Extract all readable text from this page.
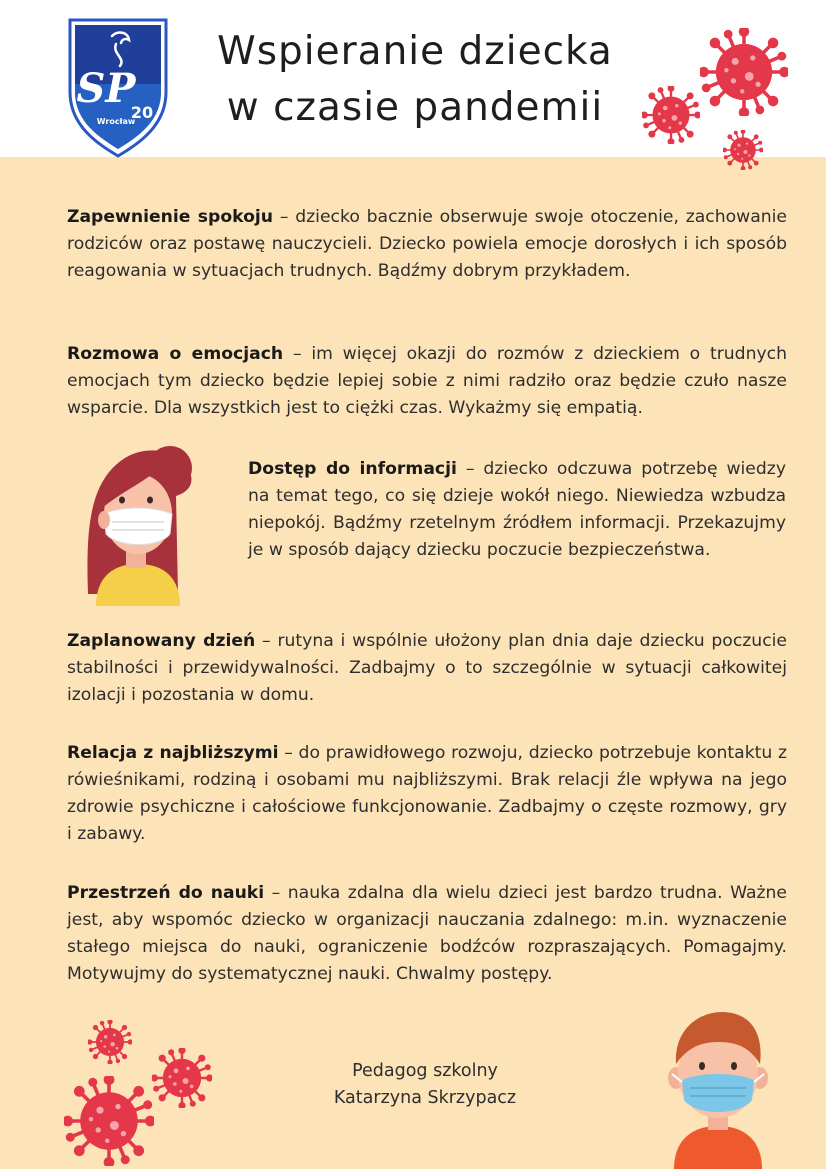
SP
20
Wrocław
Wspieranie dziecka
w czasie pandemii

Zapewnienie spokoju – dziecko bacznie obserwuje swoje otoczenie, zachowanie rodziców oraz postawę nauczycieli. Dziecko powiela emocje dorosłych i ich sposób reagowania w sytuacjach trudnych. Bądźmy dobrym przykładem.

Rozmowa o emocjach – im więcej okazji do rozmów z dzieckiem o trudnych emocjach tym dziecko będzie lepiej sobie z nimi radziło oraz będzie czuło nasze wsparcie. Dla wszystkich jest to ciężki czas. Wykażmy się empatią.

Dostęp do informacji – dziecko odczuwa potrzebę wiedzy na temat tego, co się dzieje wokół niego. Niewiedza wzbudza niepokój. Bądźmy rzetelnym źródłem informacji. Przekazujmy je w sposób dający dziecku poczucie bezpieczeństwa.

Zaplanowany dzień – rutyna i wspólnie ułożony plan dnia daje dziecku poczucie stabilności i przewidywalności. Zadbajmy o to szczególnie w sytuacji całkowitej izolacji i pozostania w domu.

Relacja z najbliższymi – do prawidłowego rozwoju, dziecko potrzebuje kontaktu z rówieśnikami, rodziną i osobami mu najbliższymi. Brak relacji źle wpływa na jego zdrowie psychiczne i całościowe funkcjonowanie. Zadbajmy o częste rozmowy, gry i zabawy.

Przestrzeń do nauki – nauka zdalna dla wielu dzieci jest bardzo trudna. Ważne jest, aby wspomóc dziecko w organizacji nauczania zdalnego: m.in. wyznaczenie stałego miejsca do nauki, ograniczenie bodźców rozpraszających. Pomagajmy. Motywujmy do systematycznej nauki. Chwalmy postępy.

Pedagog szkolny
Katarzyna Skrzypacz
